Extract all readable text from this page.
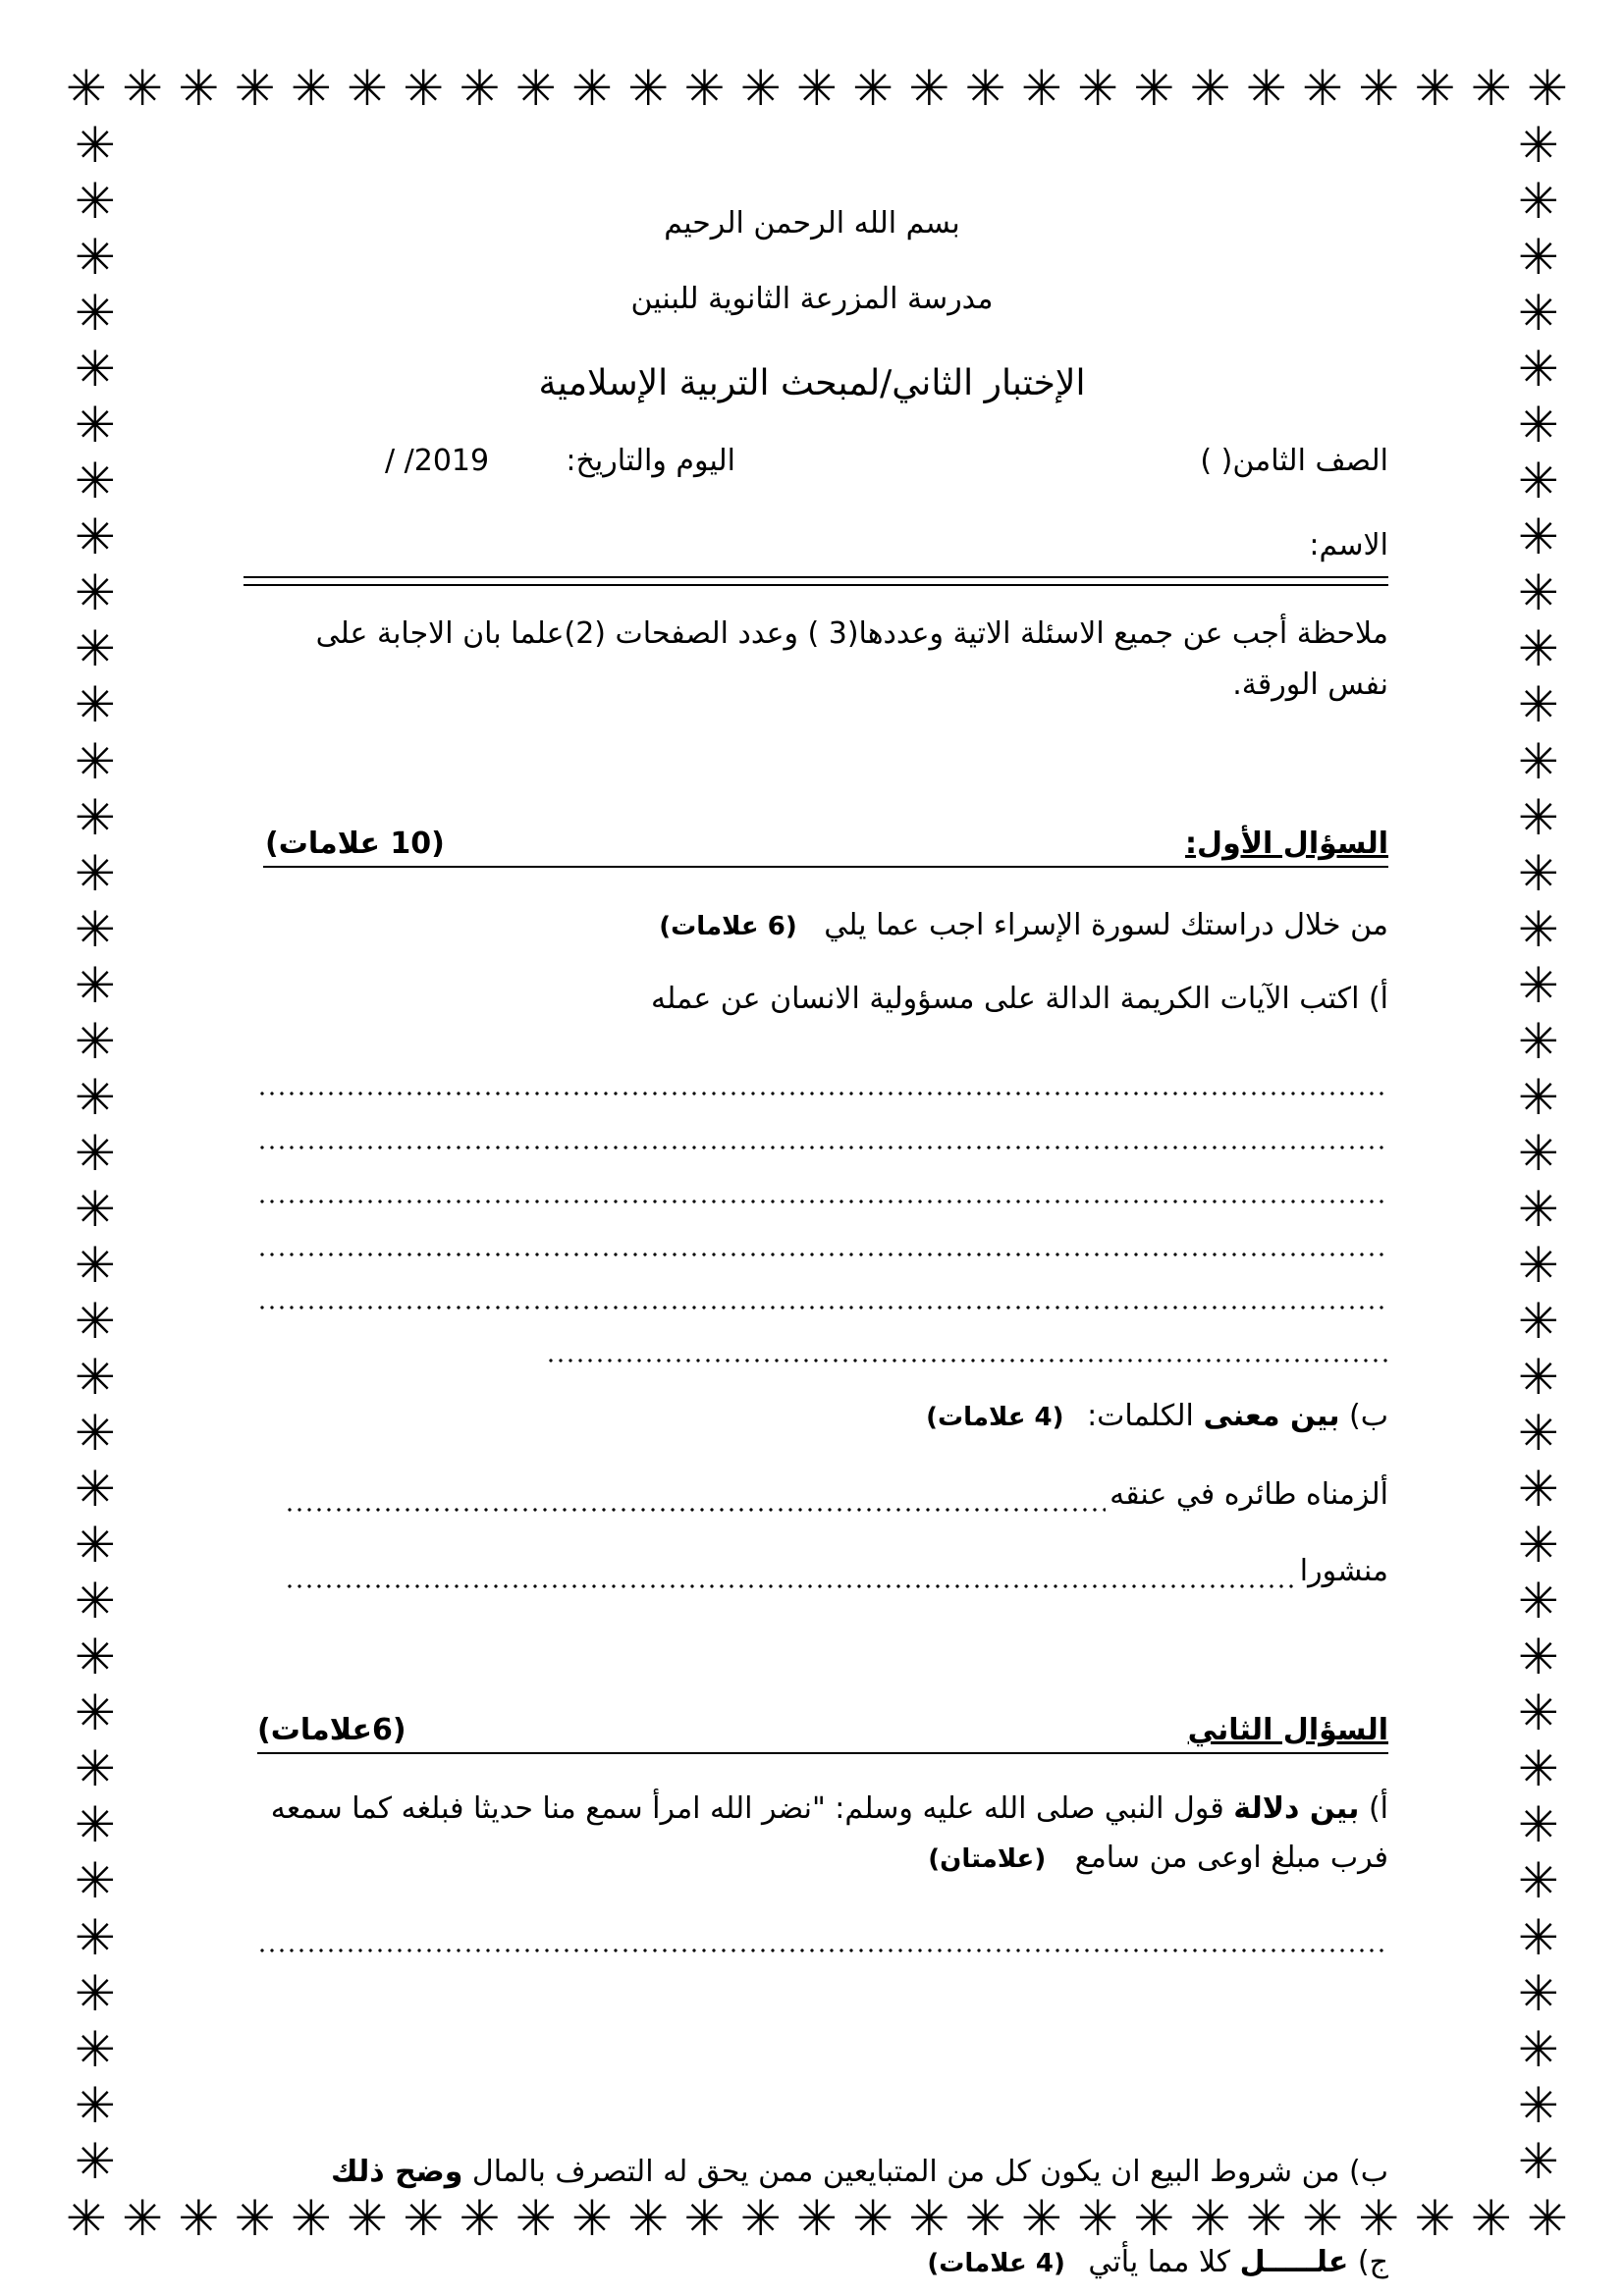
✳ ✳ ✳ ✳ ✳ ✳ ✳ ✳ ✳ ✳ ✳ ✳ ✳ ✳ ✳ ✳ ✳ ✳ ✳ ✳ ✳ ✳ ✳ ✳ ✳ ✳ ✳
✳ ✳ ✳ ✳ ✳ ✳ ✳ ✳ ✳ ✳ ✳ ✳ ✳ ✳ ✳ ✳ ✳ ✳ ✳ ✳ ✳ ✳ ✳ ✳ ✳ ✳ ✳
✳
✳
✳
✳
✳
✳
✳
✳
✳
✳
✳
✳
✳
✳
✳
✳
✳
✳
✳
✳
✳
✳
✳
✳
✳
✳
✳
✳
✳
✳
✳
✳
✳
✳
✳
✳
✳
✳
✳
✳
✳
✳
✳
✳
✳
✳
✳
✳
✳
✳
✳
✳
✳
✳
✳
✳
✳
✳
✳
✳
✳
✳
✳
✳
✳
✳
✳
✳
✳
✳
✳
✳
✳
✳
بسم الله الرحمن الرحيم
مدرسة المزرعة الثانوية للبنين
الإختبار الثاني/لمبحث التربية الإسلامية
الصف الثامن( )
اليوم والتاريخ:
/ /2019
الاسم:
ملاحظة أجب عن جميع الاسئلة الاتية وعددها(3 ) وعدد الصفحات (2)علما بان الاجابة على
نفس الورقة.
السؤال الأول:
(10 علامات)
من خلال دراستك لسورة الإسراء اجب عما يلي (6 علامات)
أ) اكتب الآيات الكريمة الدالة على مسؤولية الانسان عن عمله
ب) بين معنى الكلمات: (4 علامات)
ألزمناه طائره في عنقه
منشورا
السؤال الثاني
(6علامات)
أ) بين دلالة قول النبي صلى الله عليه وسلم: "نضر الله امرأ سمع منا حديثا فبلغه كما سمعه
فرب مبلغ اوعى من سامع (علامتان)
ب) من شروط البيع ان يكون كل من المتبايعين ممن يحق له التصرف بالمال وضح ذلك
ج) علـــــل كلا مما يأتي (4 علامات)
